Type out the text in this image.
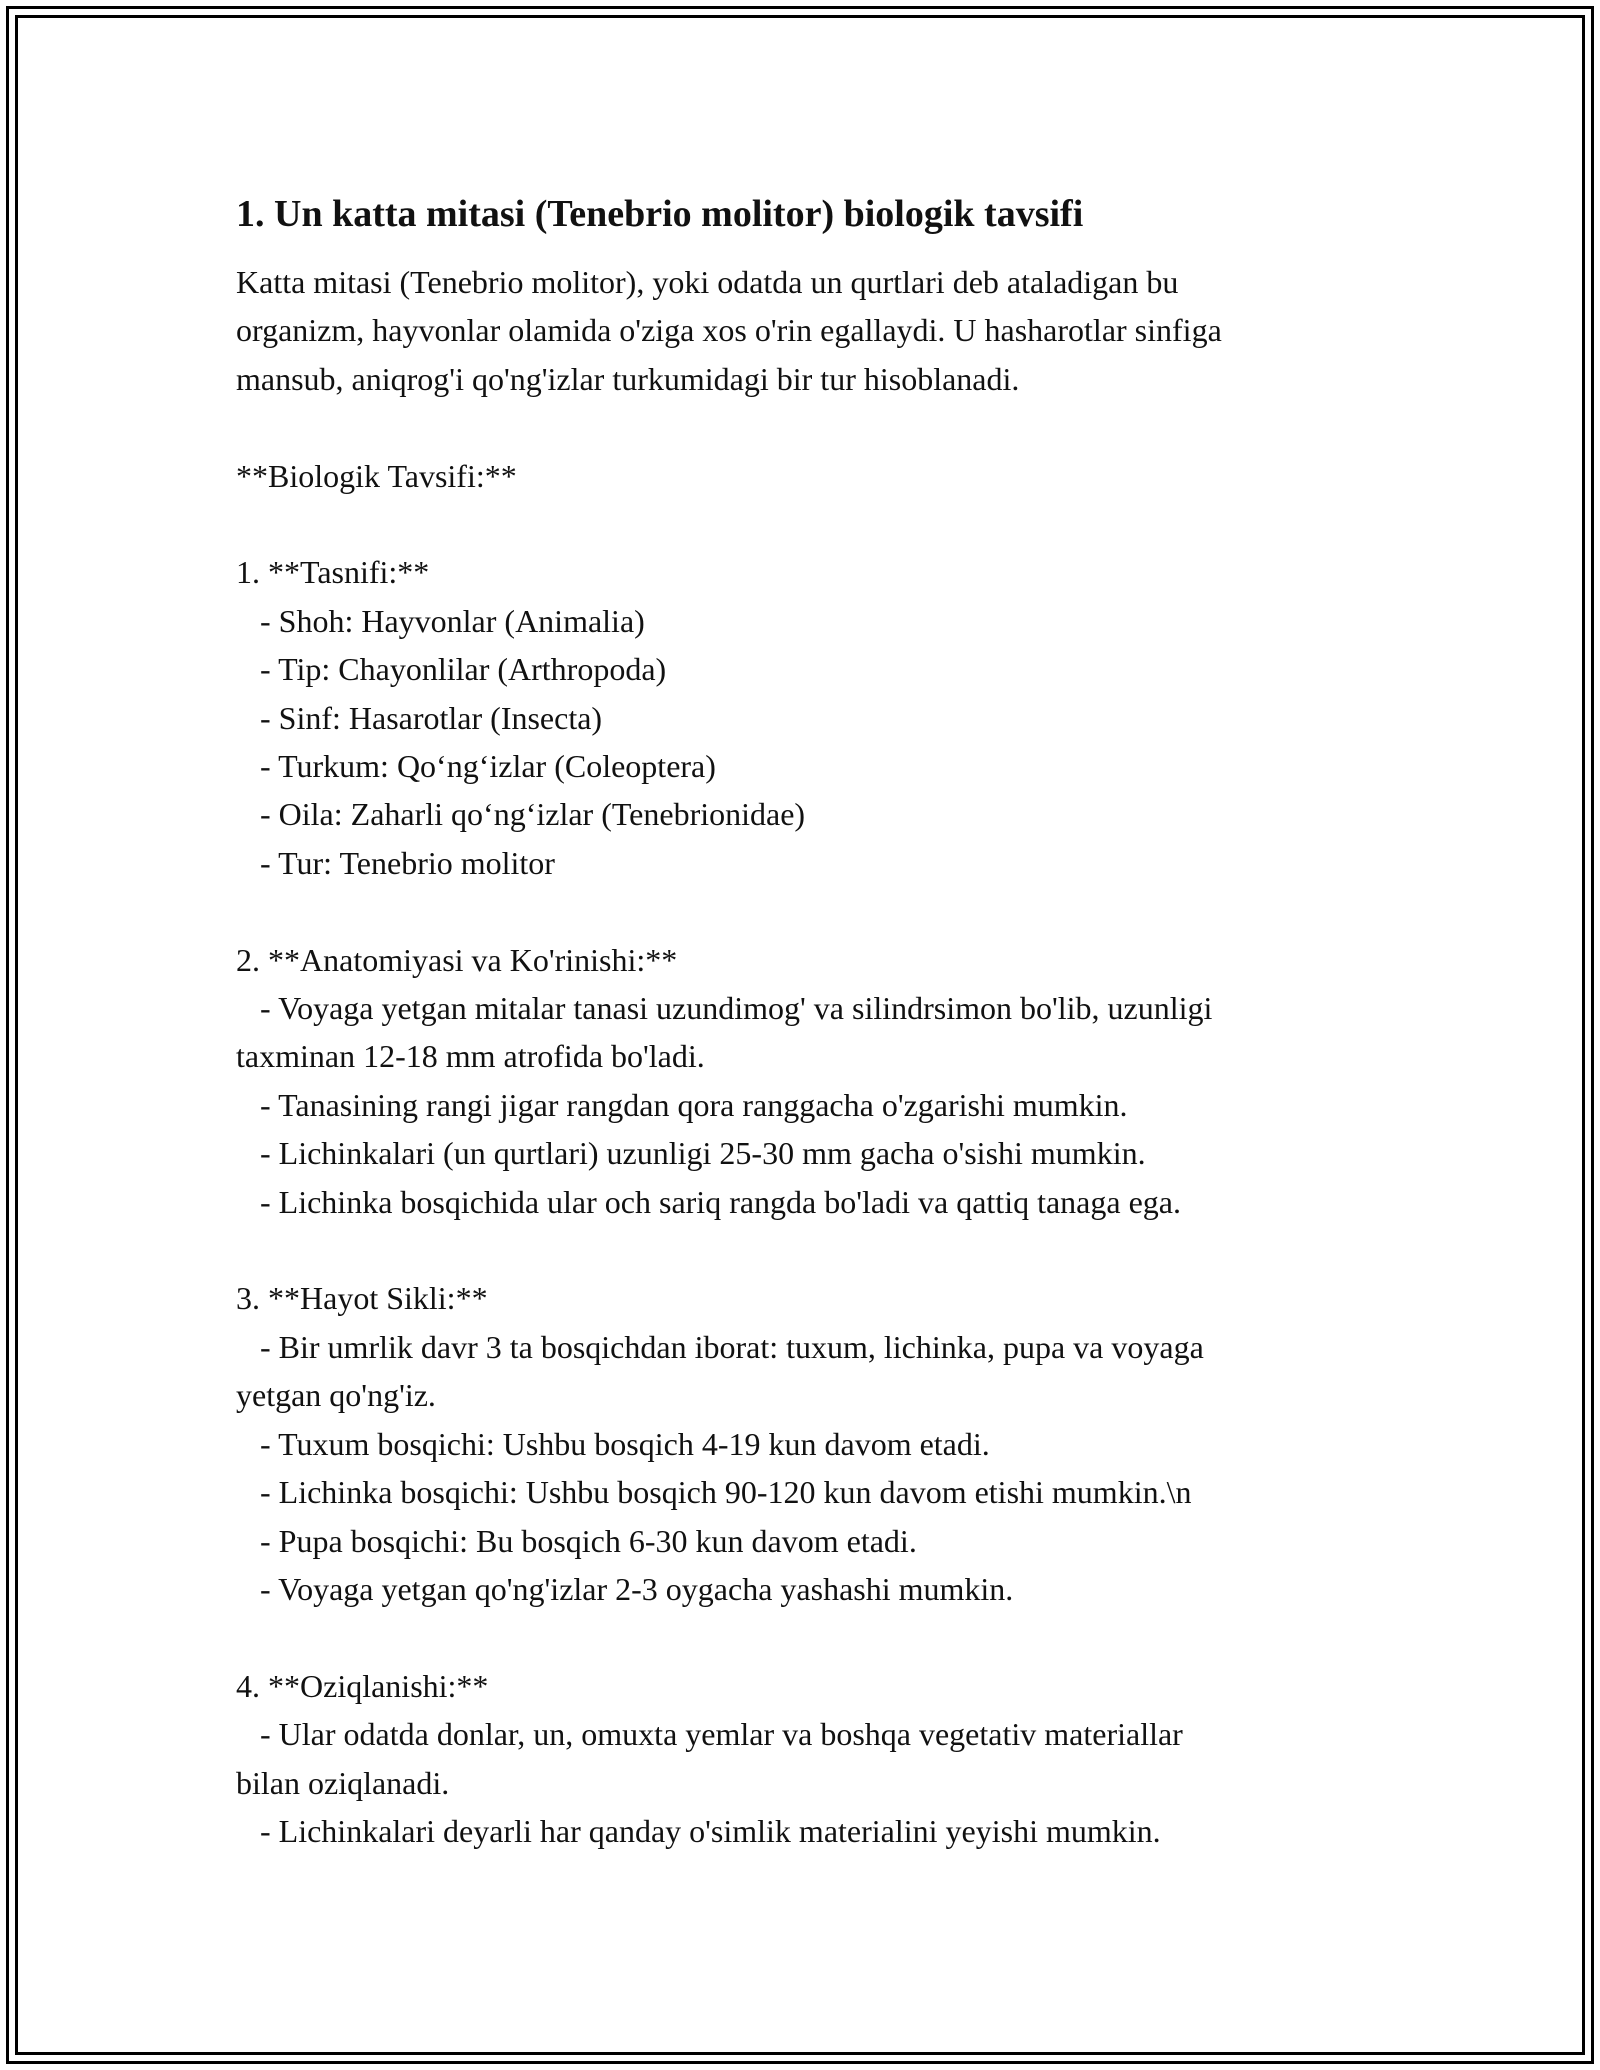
1. Un katta mitasi (Tenebrio molitor) biologik tavsifi

Katta mitasi (Tenebrio molitor), yoki odatda un qurtlari deb ataladigan bu

organizm, hayvonlar olamida o'ziga xos o'rin egallaydi. U hasharotlar sinfiga

mansub, aniqrog'i qo'ng'izlar turkumidagi bir tur hisoblanadi.

**Biologik Tavsifi:**

1. **Tasnifi:**

- Shoh: Hayvonlar (Animalia)

- Tip: Chayonlilar (Arthropoda)

- Sinf: Hasarotlar (Insecta)

- Turkum: Qo‘ng‘izlar (Coleoptera)

- Oila: Zaharli qo‘ng‘izlar (Tenebrionidae)

- Tur: Tenebrio molitor

2. **Anatomiyasi va Ko'rinishi:**

- Voyaga yetgan mitalar tanasi uzundimog' va silindrsimon bo'lib, uzunligi

taxminan 12-18 mm atrofida bo'ladi.

- Tanasining rangi jigar rangdan qora ranggacha o'zgarishi mumkin.

- Lichinkalari (un qurtlari) uzunligi 25-30 mm gacha o'sishi mumkin.

- Lichinka bosqichida ular och sariq rangda bo'ladi va qattiq tanaga ega.

3. **Hayot Sikli:**

- Bir umrlik davr 3 ta bosqichdan iborat: tuxum, lichinka, pupa va voyaga

yetgan qo'ng'iz.

- Tuxum bosqichi: Ushbu bosqich 4-19 kun davom etadi.

- Lichinka bosqichi: Ushbu bosqich 90-120 kun davom etishi mumkin.\n

- Pupa bosqichi: Bu bosqich 6-30 kun davom etadi.

- Voyaga yetgan qo'ng'izlar 2-3 oygacha yashashi mumkin.

4. **Oziqlanishi:**

- Ular odatda donlar, un, omuxta yemlar va boshqa vegetativ materiallar

bilan oziqlanadi.

- Lichinkalari deyarli har qanday o'simlik materialini yeyishi mumkin.
